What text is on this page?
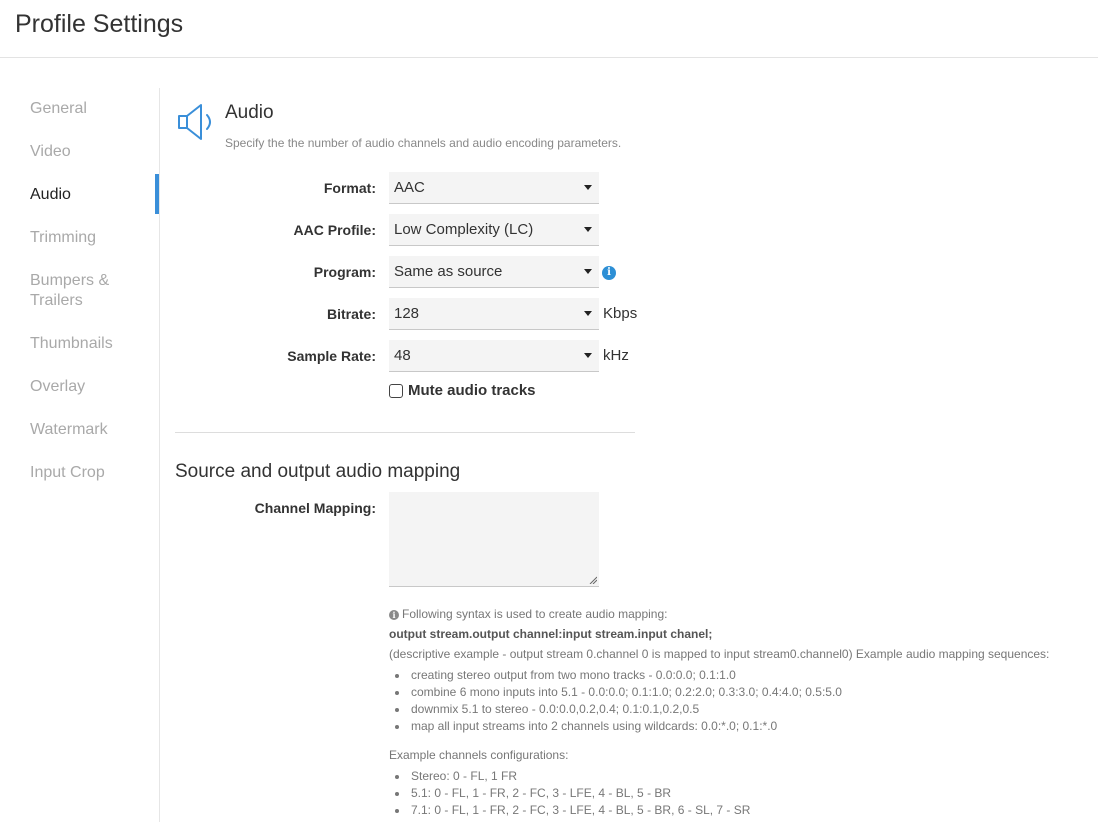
Profile Settings
General
Video
Audio
Trimming
Bumpers & Trailers
Thumbnails
Overlay
Watermark
Input Crop
Audio
Specify the the number of audio channels and audio encoding parameters.
Format:	AAC
AAC Profile:	Low Complexity (LC)
Program:	Same as source	i
Bitrate:	128	Kbps
Sample Rate:	48	kHz
Mute audio tracks
Source and output audio mapping
Channel Mapping:
i Following syntax is used to create audio mapping:
output stream.output channel:input stream.input chanel;
(descriptive example - output stream 0.channel 0 is mapped to input stream0.channel0) Example audio mapping sequences:
creating stereo output from two mono tracks - 0.0:0.0; 0.1:1.0
combine 6 mono inputs into 5.1 - 0.0:0.0; 0.1:1.0; 0.2:2.0; 0.3:3.0; 0.4:4.0; 0.5:5.0
downmix 5.1 to stereo - 0.0:0.0,0.2,0.4; 0.1:0.1,0.2,0.5
map all input streams into 2 channels using wildcards: 0.0:*.0; 0.1:*.0
Example channels configurations:
Stereo: 0 - FL, 1 FR
5.1: 0 - FL, 1 - FR, 2 - FC, 3 - LFE, 4 - BL, 5 - BR
7.1: 0 - FL, 1 - FR, 2 - FC, 3 - LFE, 4 - BL, 5 - BR, 6 - SL, 7 - SR
